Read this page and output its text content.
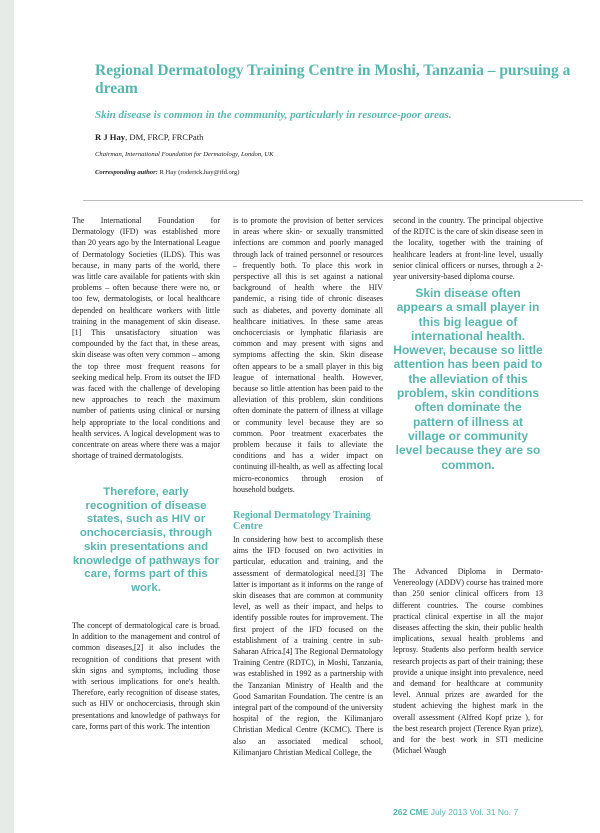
Regional Dermatology Training Centre in Moshi, Tanzania – pursuing a dream

Skin disease is common in the community, particularly in resource-poor areas.

R J Hay, DM, FRCP, FRCPath

Chairman, International Foundation for Dermatology, London, UK

Corresponding author: R Hay (roderick.hay@ifd.org)

The International Foundation for Dermatology (IFD) was established more than 20 years ago by the International League of Dermatology Societies (ILDS). This was because, in many parts of the world, there was little care available for patients with skin problems – often because there were no, or too few, dermatologists, or local healthcare depended on healthcare workers with little training in the management of skin disease.[1] This unsatisfactory situation was compounded by the fact that, in these areas, skin disease was often very common – among the top three most frequent reasons for seeking medical help. From its outset the IFD was faced with the challenge of developing new approaches to reach the maximum number of patients using clinical or nursing help appropriate to the local conditions and health services. A logical development was to concentrate on areas where there was a major shortage of trained dermatologists.

Therefore, early recognition of disease states, such as HIV or onchocerciasis, through skin presentations and knowledge of pathways for care, forms part of this work.

The concept of dermatological care is broad. In addition to the management and control of common diseases,[2] it also includes the recognition of conditions that present with skin signs and symptoms, including those with serious implications for one's health. Therefore, early recognition of disease states, such as HIV or onchocerciasis, through skin presentations and knowledge of pathways for care, forms part of this work. The intention

is to promote the provision of better services in areas where skin- or sexually transmitted infections are common and poorly managed through lack of trained personnel or resources – frequently both. To place this work in perspective all this is set against a national background of health where the HIV pandemic, a rising tide of chronic diseases such as diabetes, and poverty dominate all healthcare initiatives. In these same areas onchocerciasis or lymphatic filariasis are common and may present with signs and symptoms affecting the skin. Skin disease often appears to be a small player in this big league of international health. However, because so little attention has been paid to the alleviation of this problem, skin conditions often dominate the pattern of illness at village or community level because they are so common. Poor treatment exacerbates the problem because it fails to alleviate the conditions and has a wider impact on continuing ill-health, as well as affecting local micro-economics through erosion of household budgets.

Regional Dermatology Training Centre

In considering how best to accomplish these aims the IFD focused on two activities in particular, education and training, and the assessment of dermatological need.[3] The latter is important as it informs on the range of skin diseases that are common at community level, as well as their impact, and helps to identify possible routes for improvement. The first project of the IFD focused on the establishment of a training centre in sub-Saharan Africa.[4] The Regional Dermatology Training Centre (RDTC), in Moshi, Tanzania, was established in 1992 as a partnership with the Tanzanian Ministry of Health and the Good Samaritan Foundation. The centre is an integral part of the compound of the university hospital of the region, the Kilimanjaro Christian Medical Centre (KCMC). There is also an associated medical school, Kilimanjaro Christian Medical College, the

second in the country. The principal objective of the RDTC is the care of skin disease seen in the locality, together with the training of healthcare leaders at front-line level, usually senior clinical officers or nurses, through a 2-year university-based diploma course.

Skin disease often appears a small player in this big league of international health. However, because so little attention has been paid to the alleviation of this problem, skin conditions often dominate the pattern of illness at village or community level because they are so common.

The Advanced Diploma in Dermato-Venereology (ADDV) course has trained more than 250 senior clinical officers from 13 different countries. The course combines practical clinical expertise in all the major diseases affecting the skin, their public health implications, sexual health problems and leprosy. Students also perform health service research projects as part of their training; these provide a unique insight into prevalence, need and demand for healthcare at community level. Annual prizes are awarded for the student achieving the highest mark in the overall assessment (Alfred Kopf prize ), for the best research project (Terence Ryan prize), and for the best work in STI medicine (Michael Waugh

262 CME July 2013 Vol. 31 No. 7
